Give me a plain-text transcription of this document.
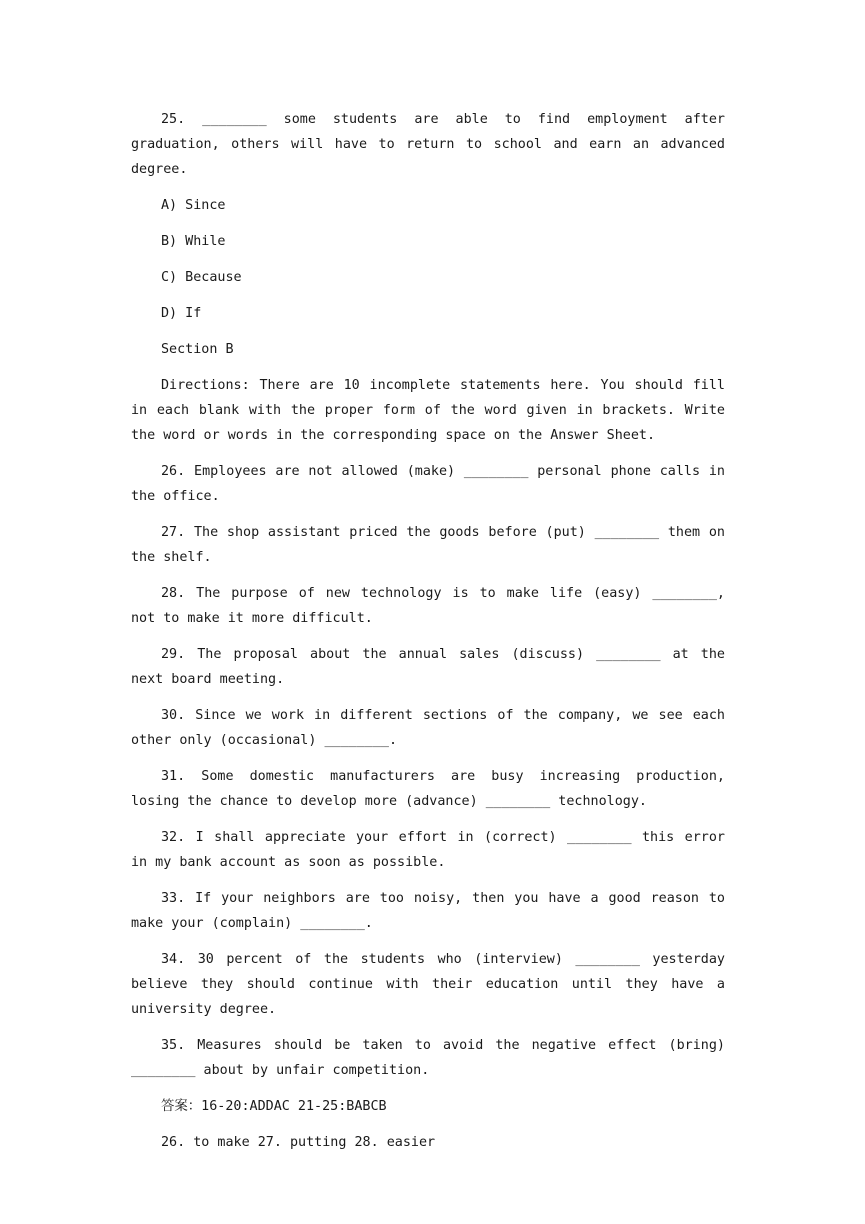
25. ________ some students are able to find employment after graduation, others will have to return to school and earn an advanced degree.

A) Since

B) While

C) Because

D) If

Section B

Directions: There are 10 incomplete statements here. You should fill in each blank with the proper form of the word given in brackets. Write the word or words in the corresponding space on the Answer Sheet.

26. Employees are not allowed (make) ________ personal phone calls in the office.

27. The shop assistant priced the goods before (put) ________ them on the shelf.

28. The purpose of new technology is to make life (easy) ________, not to make it more difficult.

29. The proposal about the annual sales (discuss) ________ at the next board meeting.

30. Since we work in different sections of the company, we see each other only (occasional) ________.

31. Some domestic manufacturers are busy increasing production, losing the chance to develop more (advance) ________ technology.

32. I shall appreciate your effort in (correct) ________ this error in my bank account as soon as possible.

33. If your neighbors are too noisy, then you have a good reason to make your (complain) ________.

34. 30 percent of the students who (interview) ________ yesterday believe they should continue with their education until they have a university degree.

35. Measures should be taken to avoid the negative effect (bring) ________ about by unfair competition.

答案：16-20:ADDAC 21-25:BABCB

26. to make 27. putting 28. easier
